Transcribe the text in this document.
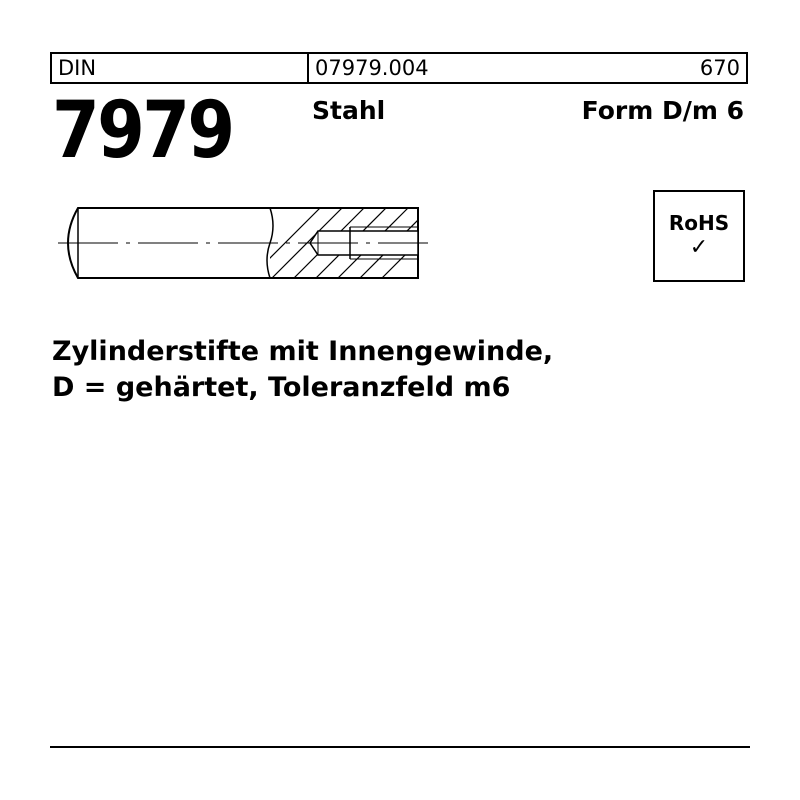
DIN	07979.004	670
7979	Stahl	Form D/m 6
RoHS
✓
Zylinderstifte mit Innengewinde,
D = gehärtet, Toleranzfeld m6
